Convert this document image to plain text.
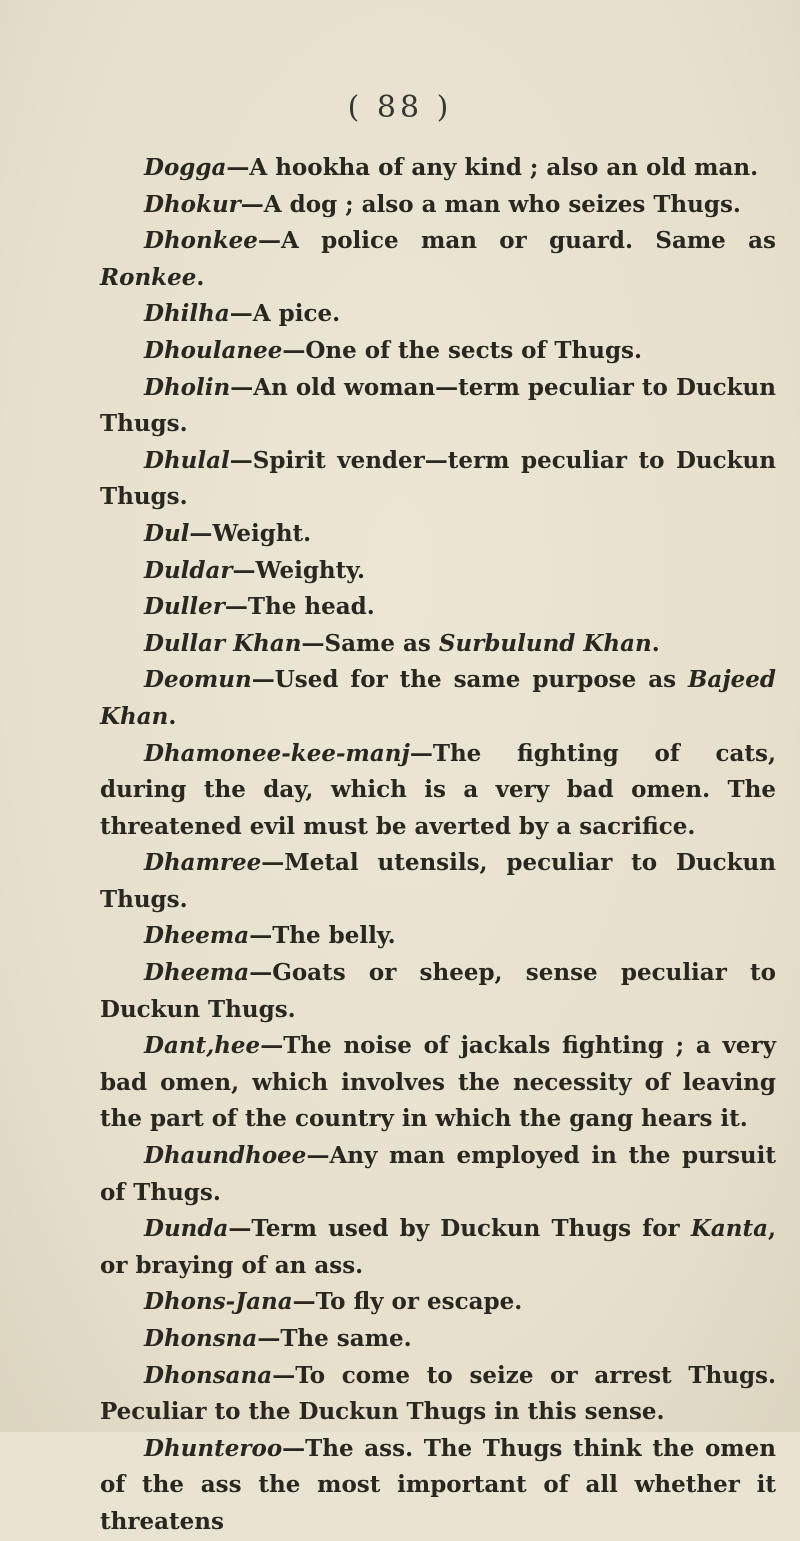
( 88 )

Dogga—A hookha of any kind ; also an old man.

Dhokur—A dog ; also a man who seizes Thugs.

Dhonkee—A police man or guard. Same as Ronkee.

Dhilha—A pice.

Dhoulanee—One of the sects of Thugs.

Dholin—An old woman—term peculiar to Duckun Thugs.

Dhulal—Spirit vender—term peculiar to Duckun Thugs.

Dul—Weight.

Duldar—Weighty.

Duller—The head.

Dullar Khan—Same as Surbulund Khan.

Deomun—Used for the same purpose as Bajeed Khan.

Dhamonee-kee-manj—The fighting of cats, during the day, which is a very bad omen. The threatened evil must be averted by a sacrifice.

Dhamree—Metal utensils, peculiar to Duckun Thugs.

Dheema—The belly.

Dheema—Goats or sheep, sense peculiar to Duckun Thugs.

Dant,hee—The noise of jackals fighting ; a very bad omen, which involves the necessity of leaving the part of the country in which the gang hears it.

Dhaundhoee—Any man employed in the pursuit of Thugs.

Dunda—Term used by Duckun Thugs for Kanta, or braying of an ass.

Dhons-Jana—To fly or escape.

Dhonsna—The same.

Dhonsana—To come to seize or arrest Thugs. Peculiar to the Duckun Thugs in this sense.

Dhunteroo—The ass. The Thugs think the omen of the ass the most important of all whether it threatens
